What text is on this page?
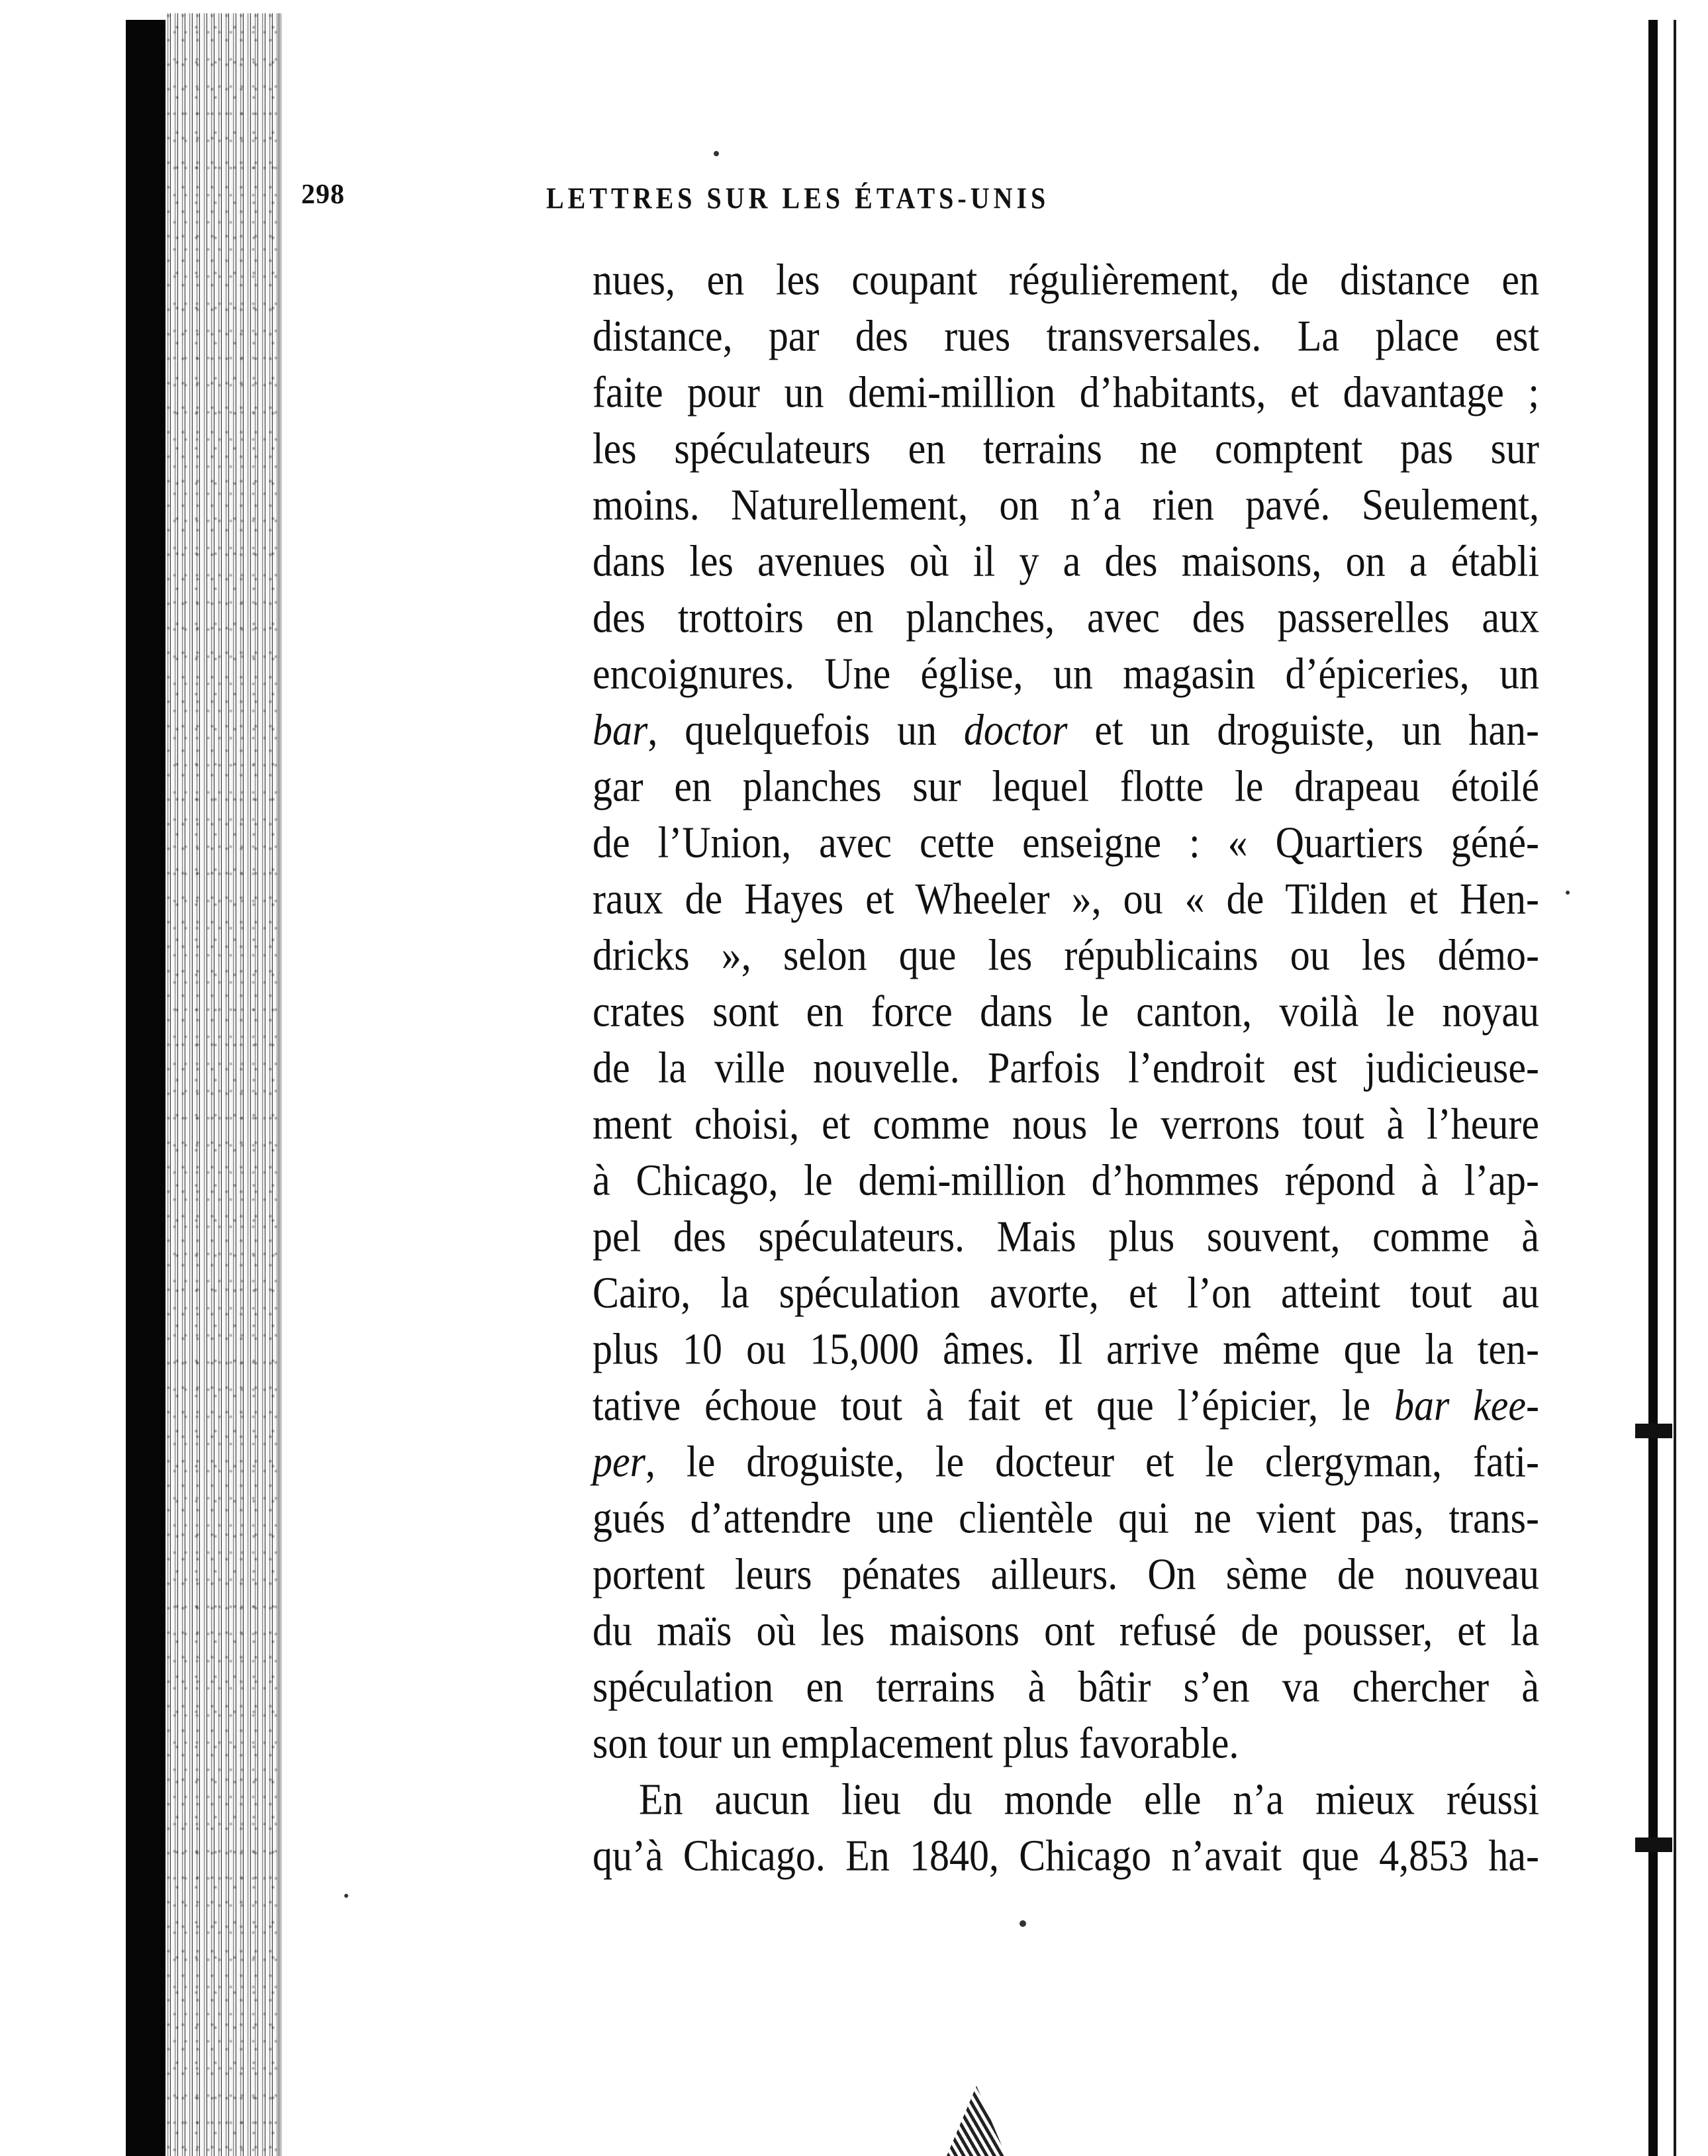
298	LETTRES SUR LES ÉTATS-UNIS
nues, en les coupant régulièrement, de distance en
distance, par des rues transversales. La place est
faite pour un demi-million d’habitants, et davantage ;
les spéculateurs en terrains ne comptent pas sur
moins. Naturellement, on n’a rien pavé. Seulement,
dans les avenues où il y a des maisons, on a établi
des trottoirs en planches, avec des passerelles aux
encoignures. Une église, un magasin d’épiceries, un
bar, quelquefois un doctor et un droguiste, un han-
gar en planches sur lequel flotte le drapeau étoilé
de l’Union, avec cette enseigne : « Quartiers géné-
raux de Hayes et Wheeler », ou « de Tilden et Hen-
dricks », selon que les républicains ou les démo-
crates sont en force dans le canton, voilà le noyau
de la ville nouvelle. Parfois l’endroit est judicieuse-
ment choisi, et comme nous le verrons tout à l’heure
à Chicago, le demi-million d’hommes répond à l’ap-
pel des spéculateurs. Mais plus souvent, comme à
Cairo, la spéculation avorte, et l’on atteint tout au
plus 10 ou 15,000 âmes. Il arrive même que la ten-
tative échoue tout à fait et que l’épicier, le bar kee-
per, le droguiste, le docteur et le clergyman, fati-
gués d’attendre une clientèle qui ne vient pas, trans-
portent leurs pénates ailleurs. On sème de nouveau
du maïs où les maisons ont refusé de pousser, et la
spéculation en terrains à bâtir s’en va chercher à
son tour un emplacement plus favorable.
En aucun lieu du monde elle n’a mieux réussi
qu’à Chicago. En 1840, Chicago n’avait que 4,853 ha-
